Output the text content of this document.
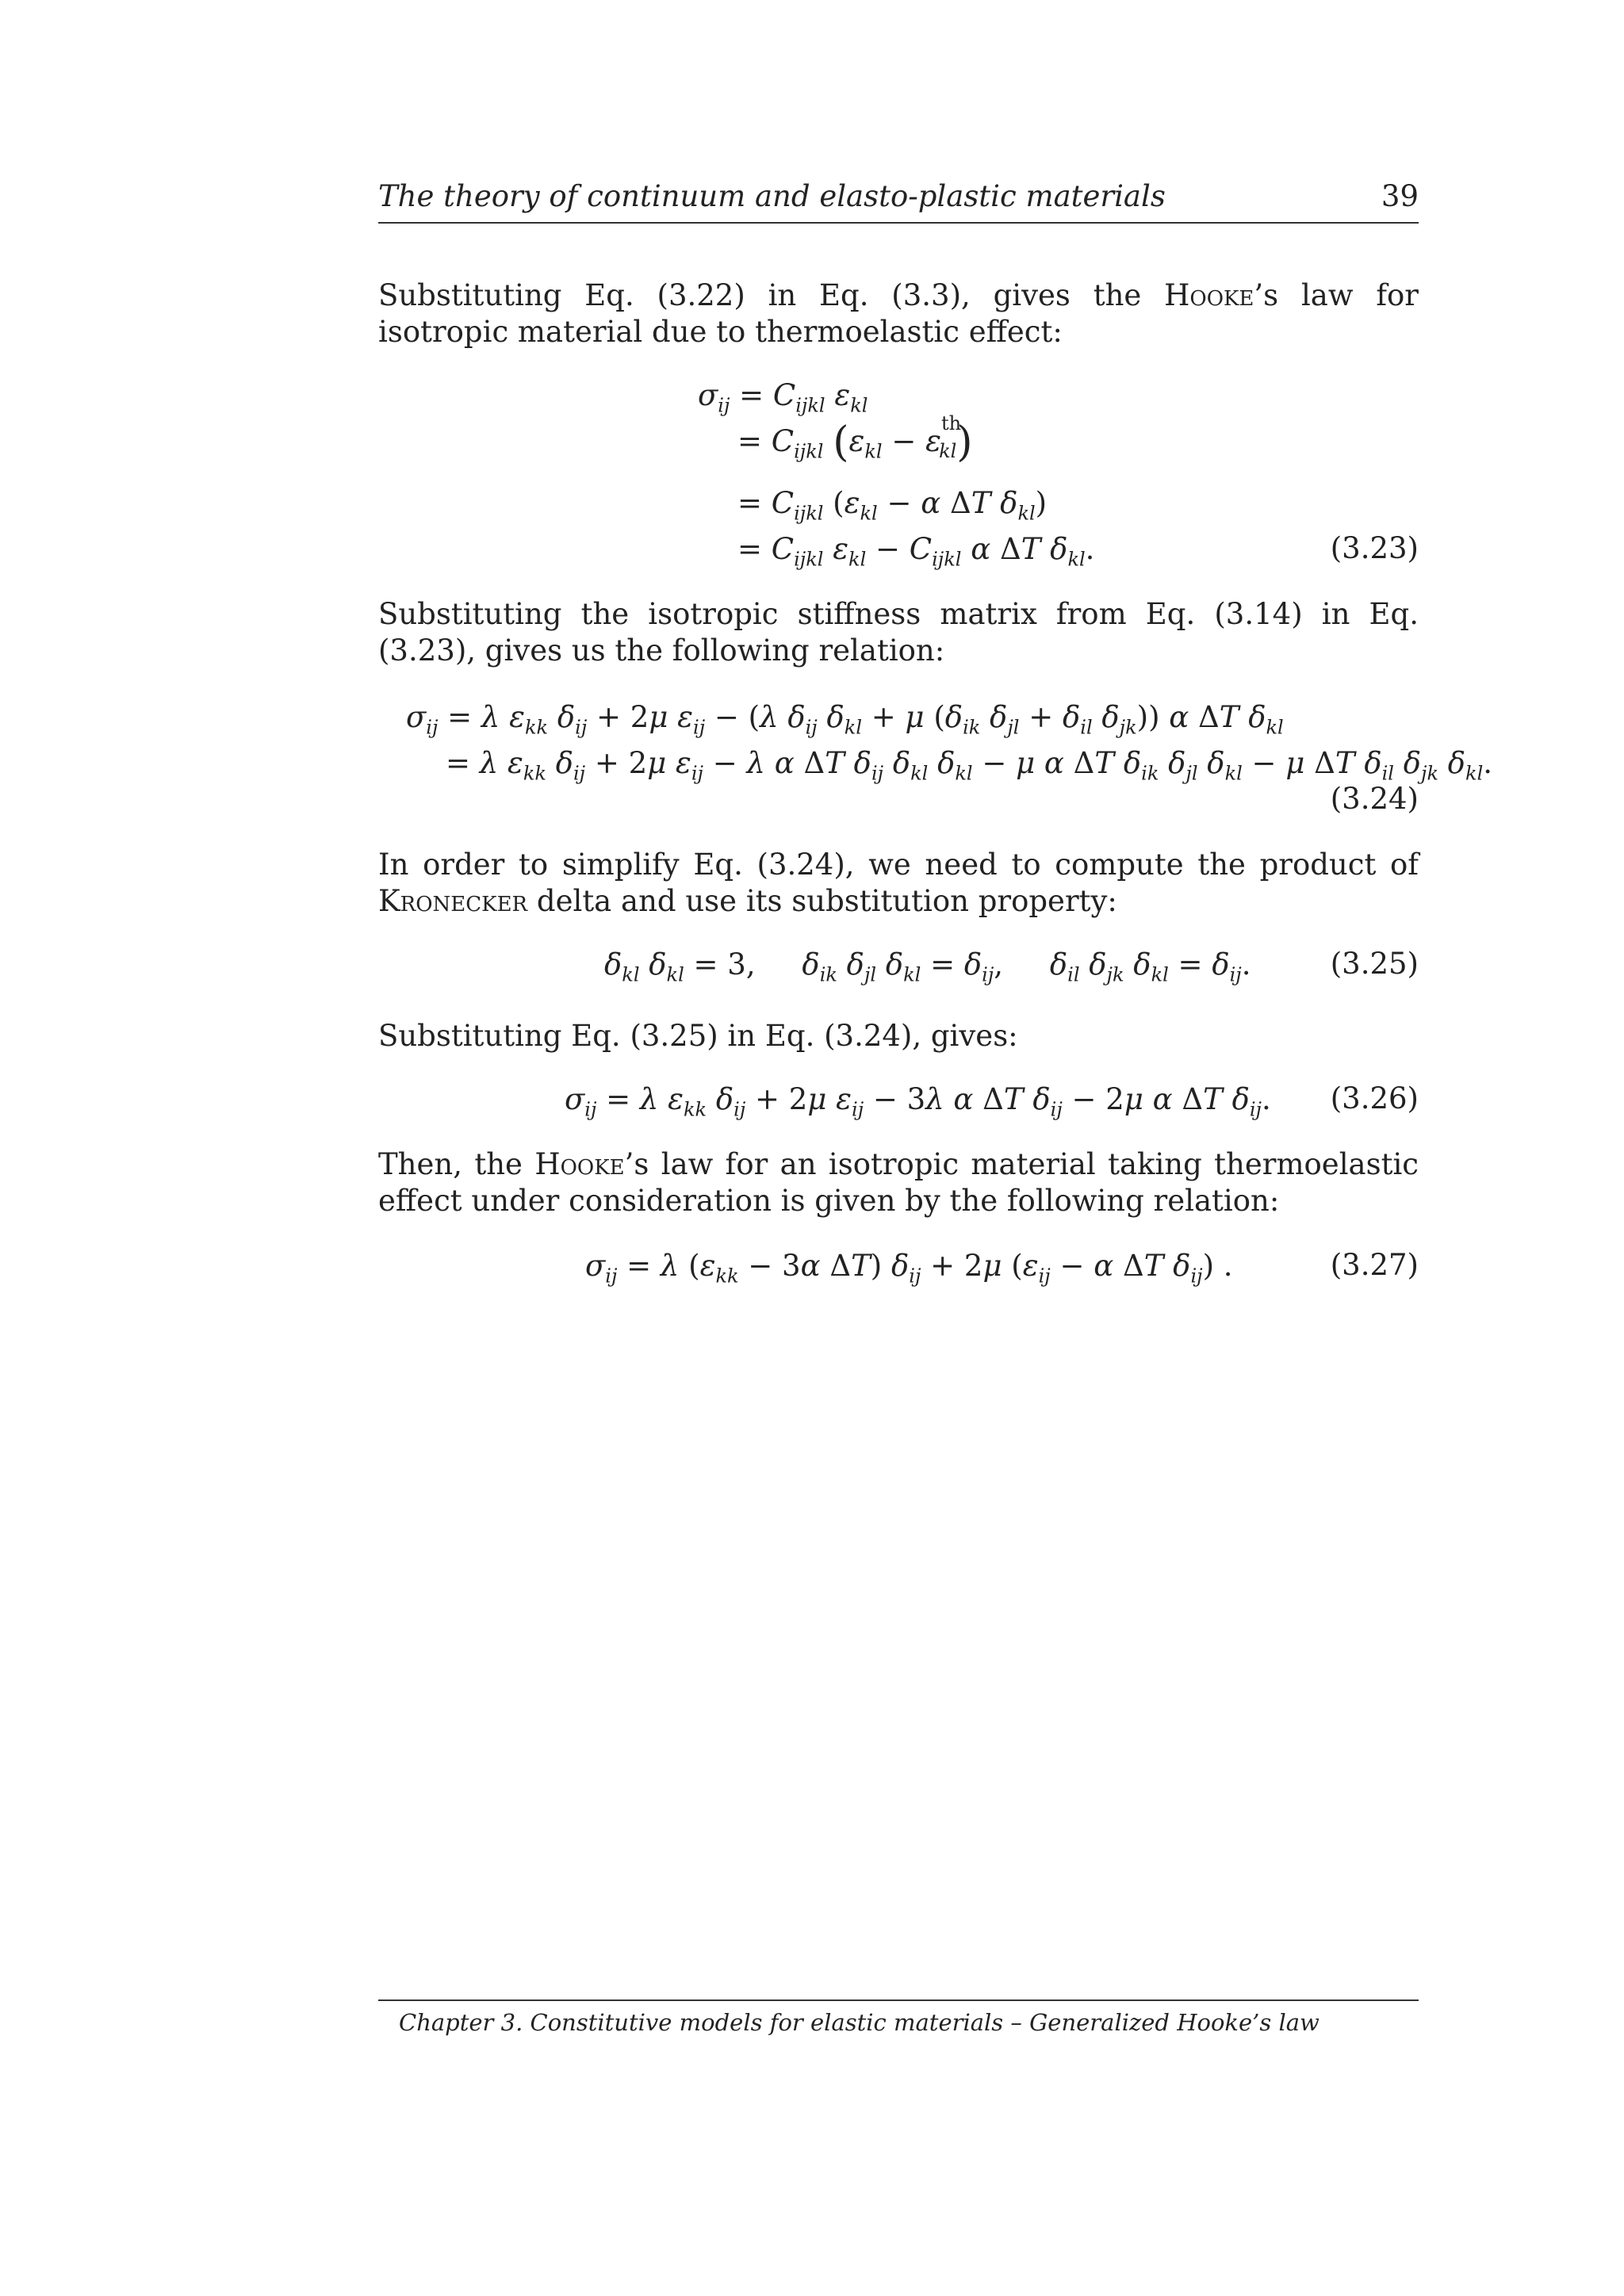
The theory of continuum and elasto-plastic materials	39

Substituting Eq. (3.22) in Eq. (3.3), gives the Hooke’s law for isotropic material due to thermoelastic effect:

$\sigma_{ij} = C_{ijkl}$ $\varepsilon_{kl}$
= $C_{ijkl}$ $(\varepsilon_{kl} - \varepsilon^{th}_{kl})$
= $C_{ijkl}$ ($\varepsilon_{kl} - \alpha$ ΔT $\delta_{kl}$)
= $C_{ijkl}$ $\varepsilon_{kl} - C_{ijkl}$ α ΔT $\delta_{kl}$.	(3.23)

Substituting the isotropic stiffness matrix from Eq. (3.14) in Eq. (3.23), gives us the following relation:

$\sigma_{ij} = \lambda$ $\varepsilon_{kk}$ $\delta_{ij} + 2\mu$ $\varepsilon_{ij} - (\lambda$ $\delta_{ij}$ $\delta_{kl} + \mu$ ($\delta_{ik}$ $\delta_{jl} + \delta_{il}$ $\delta_{jk}$)) α ΔT $\delta_{kl}$
= λ $\varepsilon_{kk}$ $\delta_{ij} + 2\mu$ $\varepsilon_{ij} - \lambda$ α ΔT $\delta_{ij}$ $\delta_{kl}$ $\delta_{kl} - \mu$ α ΔT $\delta_{ik}$ $\delta_{jl}$ $\delta_{kl} - \mu$ ΔT $\delta_{il}$ $\delta_{jk}$ $\delta_{kl}$.
(3.24)

In order to simplify Eq. (3.24), we need to compute the product of Kronecker delta and use its substitution property:

$\delta_{kl}$ $\delta_{kl} = 3$,     $\delta_{ik}$ $\delta_{jl}$ $\delta_{kl} = \delta_{ij}$,     $\delta_{il}$ $\delta_{jk}$ $\delta_{kl} = \delta_{ij}$.	(3.25)

Substituting Eq. (3.25) in Eq. (3.24), gives:

$\sigma_{ij} = \lambda$ $\varepsilon_{kk}$ $\delta_{ij} + 2\mu$ $\varepsilon_{ij} - 3\lambda$ α ΔT $\delta_{ij} - 2\mu$ α ΔT $\delta_{ij}$. (3.26)

Then, the Hooke’s law for an isotropic material taking thermoelastic effect under consideration is given by the following relation:

$\sigma_{ij} = \lambda$ ($\varepsilon_{kk} - 3\alpha$ ΔT) $\delta_{ij} + 2\mu$ ($\varepsilon_{ij} - \alpha$ ΔT $\delta_{ij}$) .	(3.27)
Chapter 3. Constitutive models for elastic materials – Generalized Hooke’s law
